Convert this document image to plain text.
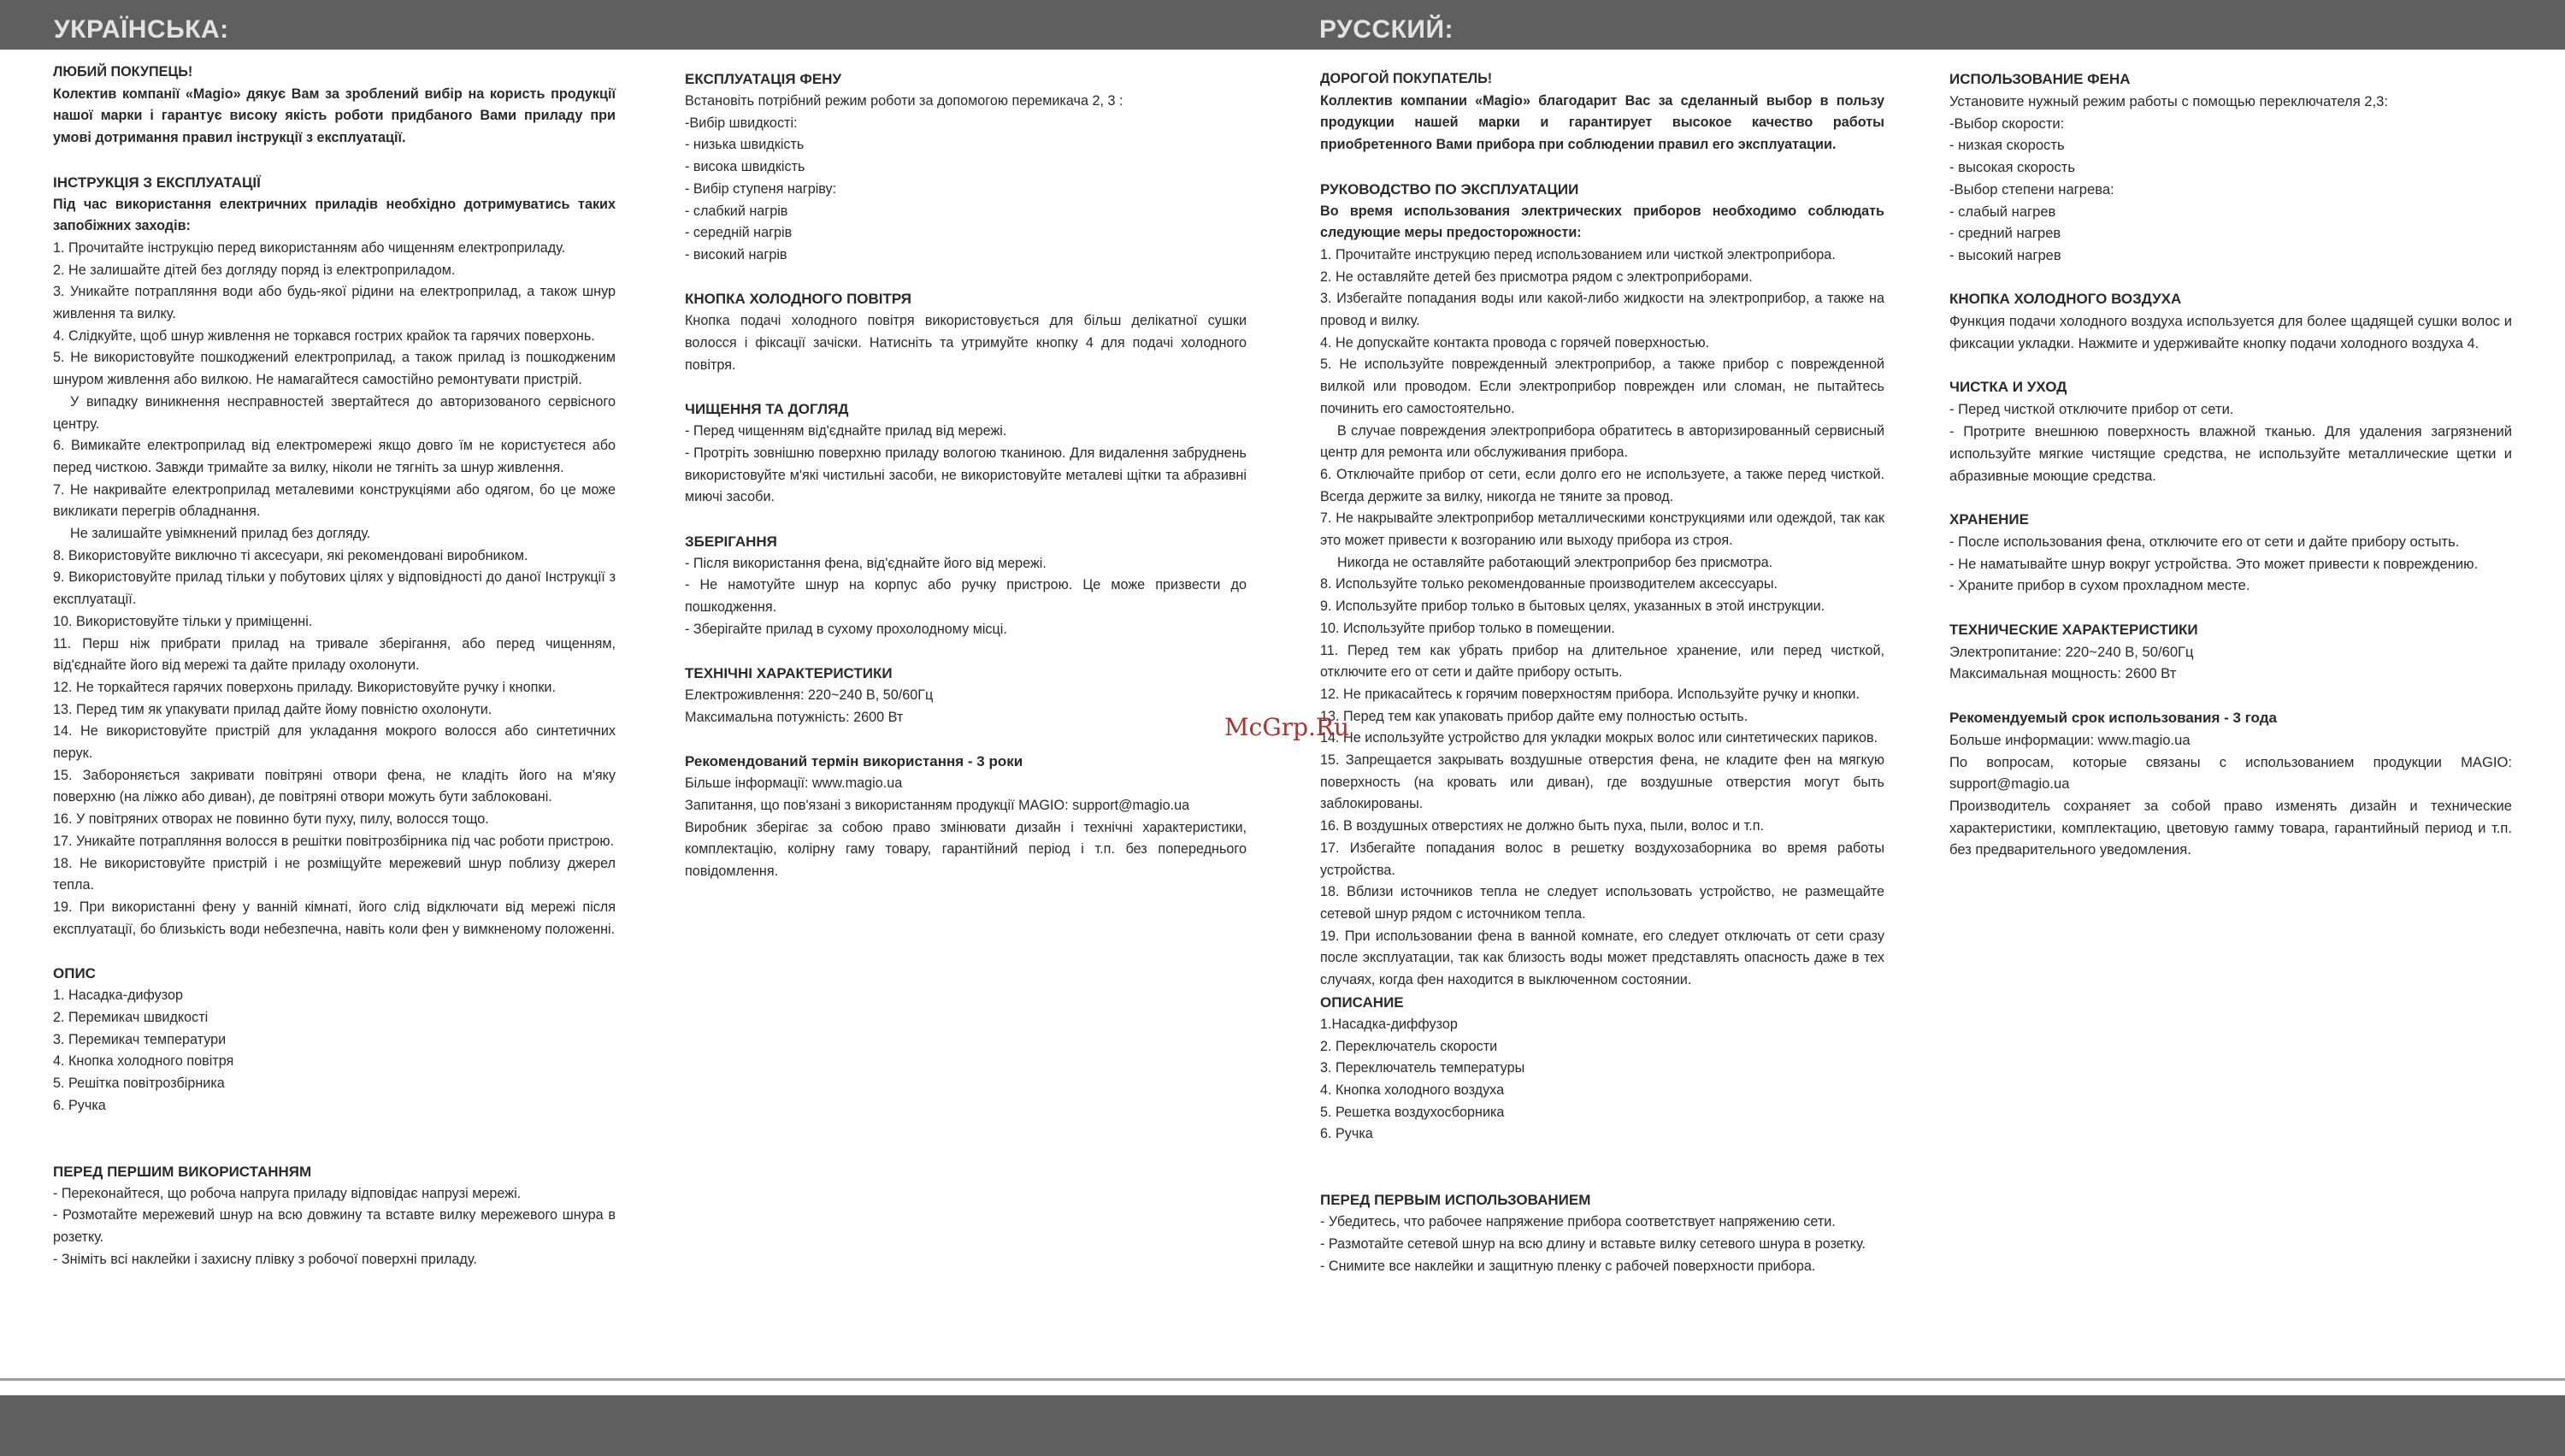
УКРАЇНСЬКА:	РУССКИЙ:

ЛЮБИЙ ПОКУПЕЦЬ!

Колектив компанії «Magio» дякує Вам за зроблений вибір на користь продукції нашої марки і гарантує високу якість роботи придбаного Вами приладу при умові дотримання правил інструкції з експлуатації.

ІНСТРУКЦІЯ З ЕКСПЛУАТАЦІЇ

Під час використання електричних приладів необхідно дотримуватись таких запобіжних заходів:

1. Прочитайте інструкцію перед використанням або чищенням електроприладу.
2. Не залишайте дітей без догляду поряд із електроприладом.
3. Уникайте потрапляння води або будь-якої рідини на електроприлад, а також шнур живлення та вилку.
4. Слідкуйте, щоб шнур живлення не торкався гострих крайок та гарячих поверхонь.
5. Не використовуйте пошкоджений електроприлад, а також прилад із пошкодженим шнуром живлення або вилкою. Не намагайтеся самостійно ремонтувати пристрій.
У випадку виникнення несправностей звертайтеся до авторизованого сервісного центру.
6. Вимикайте електроприлад від електромережі якщо довго їм не користуєтеся або перед чисткою. Завжди тримайте за вилку, ніколи не тягніть за шнур живлення.
7. Не накривайте електроприлад металевими конструкціями або одягом, бо це може викликати перегрів обладнання.
Не залишайте увімкнений прилад без догляду.
8. Використовуйте виключно ті аксесуари, які рекомендовані виробником.
9. Використовуйте прилад тільки у побутових цілях у відповідності до даної Інструкції з експлуатації.
10. Використовуйте тільки у приміщенні.
11. Перш ніж прибрати прилад на тривале зберігання, або перед чищенням, від'єднайте його від мережі та дайте приладу охолонути.
12. Не торкайтеся гарячих поверхонь приладу. Використовуйте ручку і кнопки.
13. Перед тим як упакувати прилад дайте йому повністю охолонути.
14. Не використовуйте пристрій для укладання мокрого волосся або синтетичних перук.
15. Забороняється закривати повітряні отвори фена, не кладіть його на м'яку поверхню (на ліжко або диван), де повітряні отвори можуть бути заблоковані.
16. У повітряних отворах не повинно бути пуху, пилу, волосся тощо.
17. Уникайте потрапляння волосся в решітки повітрозбірника під час роботи пристрою.
18. Не використовуйте пристрій і не розміщуйте мережевий шнур поблизу джерел тепла.
19. При використанні фену у ванній кімнаті, його слід відключати від мережі після експлуатації, бо близькість води небезпечна, навіть коли фен у вимкненому положенні.
ОПИС
1. Насадка-дифузор
2. Перемикач швидкості
3. Перемикач температури
4. Кнопка холодного повітря
5. Решітка повітрозбірника
6. Ручка
ПЕРЕД ПЕРШИМ ВИКОРИСТАННЯМ
- Переконайтеся, що робоча напруга приладу відповідає напрузі мережі.
- Розмотайте мережевий шнур на всю довжину та вставте вилку мережевого шнура в розетку.
- Зніміть всі наклейки і захисну плівку з робочої поверхні приладу.
ЕКСПЛУАТАЦІЯ ФЕНУ

Встановіть потрібний режим роботи за допомогою перемикача 2, 3 :

-Вибір швидкості:

- низька швидкість

- висока швидкість

- Вибір ступеня нагріву:

- слабкий нагрів

- середній нагрів

- високий нагрів

КНОПКА ХОЛОДНОГО ПОВІТРЯ

Кнопка подачі холодного повітря використовується для більш делікатної сушки волосся і фіксації зачіски. Натисніть та утримуйте кнопку 4 для подачі холодного повітря.

ЧИЩЕННЯ ТА ДОГЛЯД

- Перед чищенням від'єднайте прилад від мережі.

- Протріть зовнішню поверхню приладу вологою тканиною. Для видалення забруднень використовуйте м'які чистильні засоби, не використовуйте металеві щітки та абразивні миючі засоби.

ЗБЕРІГАННЯ

- Після використання фена, від'єднайте його від мережі.

- Не намотуйте шнур на корпус або ручку пристрою. Це може призвести до пошкодження.

- Зберігайте прилад в сухому прохолодному місці.

ТЕХНІЧНІ ХАРАКТЕРИСТИКИ

Електроживлення: 220~240 В, 50/60Гц

Максимальна потужність: 2600 Вт

Рекомендований термін використання - 3 роки

Більше інформації: www.magio.ua

Запитання, що пов'язані з використанням продукції MAGIO: support@magio.ua

Виробник зберігає за собою право змінювати дизайн і технічні характеристики, комплектацію, колірну гаму товару, гарантійний період і т.п. без попереднього повідомлення.

ДОРОГОЙ ПОКУПАТЕЛЬ!

Коллектив компании «Magio» благодарит Вас за сделанный выбор в пользу продукции нашей марки и гарантирует высокое качество работы приобретенного Вами прибора при соблюдении правил его эксплуатации.

РУКОВОДСТВО ПО ЭКСПЛУАТАЦИИ

Во время использования электрических приборов необходимо соблюдать следующие меры предосторожности:

1. Прочитайте инструкцию перед использованием или чисткой электроприбора.
2. Не оставляйте детей без присмотра рядом с электроприборами.
3. Избегайте попадания воды или какой-либо жидкости на электроприбор, а также на провод и вилку.
4. Не допускайте контакта провода с горячей поверхностью.
5. Не используйте поврежденный электроприбор, а также прибор с поврежденной вилкой или проводом. Если электроприбор поврежден или сломан, не пытайтесь починить его самостоятельно.
В случае повреждения электроприбора обратитесь в авторизированный сервисный центр для ремонта или обслуживания прибора.
6. Отключайте прибор от сети, если долго его не используете, а также перед чисткой. Всегда держите за вилку, никогда не тяните за провод.
7. Не накрывайте электроприбор металлическими конструкциями или одеждой, так как это может привести к возгоранию или выходу прибора из строя.
Никогда не оставляйте работающий электроприбор без присмотра.
8. Используйте только рекомендованные производителем аксессуары.
9. Используйте прибор только в бытовых целях, указанных в этой инструкции.
10. Используйте прибор только в помещении.
11. Перед тем как убрать прибор на длительное хранение, или перед чисткой, отключите его от сети и дайте прибору остыть.
12. Не прикасайтесь к горячим поверхностям прибора. Используйте ручку и кнопки.
13. Перед тем как упаковать прибор дайте ему полностью остыть.
14. Не используйте устройство для укладки мокрых волос или синтетических париков.
15. Запрещается закрывать воздушные отверстия фена, не кладите фен на мягкую поверхность (на кровать или диван), где воздушные отверстия могут быть заблокированы.
16. В воздушных отверстиях не должно быть пуха, пыли, волос и т.п.
17. Избегайте попадания волос в решетку воздухозаборника во время работы устройства.
18. Вблизи источников тепла не следует использовать устройство, не размещайте сетевой шнур рядом с источником тепла.
19. При использовании фена в ванной комнате, его следует отключать от сети сразу после эксплуатации, так как близость воды может представлять опасность даже в тех случаях, когда фен находится в выключенном состоянии.
ОПИСАНИЕ
1.Насадка-диффузор
2. Переключатель скорости
3. Переключатель температуры
4. Кнопка холодного воздуха
5. Решетка воздухосборника
6. Ручка
ПЕРЕД ПЕРВЫМ ИСПОЛЬЗОВАНИЕМ
- Убедитесь, что рабочее напряжение прибора соответствует напряжению сети.
- Размотайте сетевой шнур на всю длину и вставьте вилку сетевого шнура в розетку.
- Снимите все наклейки и защитную пленку с рабочей поверхности прибора.
ИСПОЛЬЗОВАНИЕ ФЕНА

Установите нужный режим работы с помощью переключателя 2,3:

-Выбор скорости:

- низкая скорость

- высокая скорость

-Выбор степени нагрева:

- слабый нагрев

- средний нагрев

- высокий нагрев

КНОПКА ХОЛОДНОГО ВОЗДУХА

Функция подачи холодного воздуха используется для более щадящей сушки волос и фиксации укладки. Нажмите и удерживайте кнопку подачи холодного воздуха 4.

ЧИСТКА И УХОД

- Перед чисткой отключите прибор от сети.

- Протрите внешнюю поверхность влажной тканью. Для удаления загрязнений используйте мягкие чистящие средства, не используйте металлические щетки и абразивные моющие средства.

ХРАНЕНИЕ

- После использования фена, отключите его от сети и дайте прибору остыть.

- Не наматывайте шнур вокруг устройства. Это может привести к повреждению.

- Храните прибор в сухом прохладном месте.

ТЕХНИЧЕСКИЕ ХАРАКТЕРИСТИКИ

Электропитание: 220~240 В, 50/60Гц

Максимальная мощность: 2600 Вт

Рекомендуемый срок использования - 3 года

Больше информации: www.magio.ua

По вопросам, которые связаны с использованием продукции MAGIO: support@magio.ua

Производитель сохраняет за собой право изменять дизайн и технические характеристики, комплектацию, цветовую гамму товара, гарантийный период и т.п. без предварительного уведомления.

McGrp.Ru
